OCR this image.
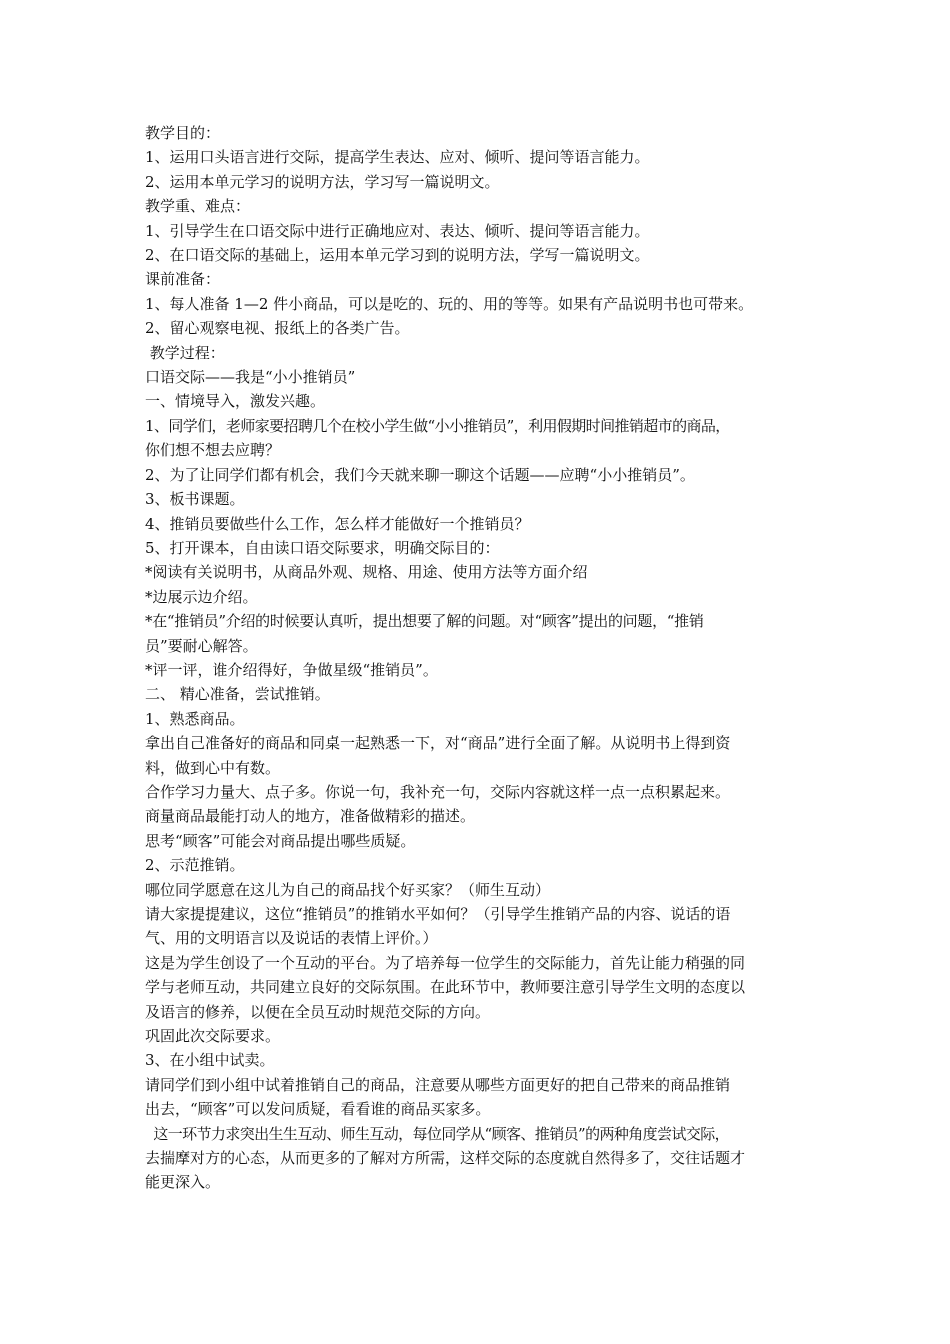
教学目的：
1、运用口头语言进行交际，提高学生表达、应对、倾听、提问等语言能力。
2、运用本单元学习的说明方法，学习写一篇说明文。
教学重、难点：
1、引导学生在口语交际中进行正确地应对、表达、倾听、提问等语言能力。
2、在口语交际的基础上，运用本单元学习到的说明方法，学写一篇说明文。
课前准备：
1、每人准备 1—2 件小商品，可以是吃的、玩的、用的等等。如果有产品说明书也可带来。
2、留心观察电视、报纸上的各类广告。
教学过程：
口语交际——我是“小小推销员”
一、情境导入，激发兴趣。
1、同学们，老师家要招聘几个在校小学生做“小小推销员”，利用假期时间推销超市的商品，
你们想不想去应聘？
2、为了让同学们都有机会，我们今天就来聊一聊这个话题——应聘“小小推销员”。
3、板书课题。
4、推销员要做些什么工作，怎么样才能做好一个推销员？
5、打开课本，自由读口语交际要求，明确交际目的：
*阅读有关说明书，从商品外观、规格、用途、使用方法等方面介绍
*边展示边介绍。
*在“推销员”介绍的时候要认真听，提出想要了解的问题。对“顾客”提出的问题，“推销
员”要耐心解答。
*评一评，谁介绍得好，争做星级“推销员”。
二、 精心准备，尝试推销。
1、熟悉商品。
拿出自己准备好的商品和同桌一起熟悉一下，对“商品”进行全面了解。从说明书上得到资
料，做到心中有数。
合作学习力量大、点子多。你说一句，我补充一句，交际内容就这样一点一点积累起来。
商量商品最能打动人的地方，准备做精彩的描述。
思考“顾客”可能会对商品提出哪些质疑。
2、示范推销。
哪位同学愿意在这儿为自己的商品找个好买家？（师生互动）
请大家提提建议，这位“推销员”的推销水平如何？（引导学生推销产品的内容、说话的语
气、用的文明语言以及说话的表情上评价。）
这是为学生创设了一个互动的平台。为了培养每一位学生的交际能力，首先让能力稍强的同
学与老师互动，共同建立良好的交际氛围。在此环节中，教师要注意引导学生文明的态度以
及语言的修养，以便在全员互动时规范交际的方向。
巩固此次交际要求。
3、在小组中试卖。
请同学们到小组中试着推销自己的商品，注意要从哪些方面更好的把自己带来的商品推销
出去，“顾客”可以发问质疑，看看谁的商品买家多。
这一环节力求突出生生互动、师生互动，每位同学从“顾客、推销员”的两种角度尝试交际，
去揣摩对方的心态，从而更多的了解对方所需，这样交际的态度就自然得多了，交往话题才
能更深入。
